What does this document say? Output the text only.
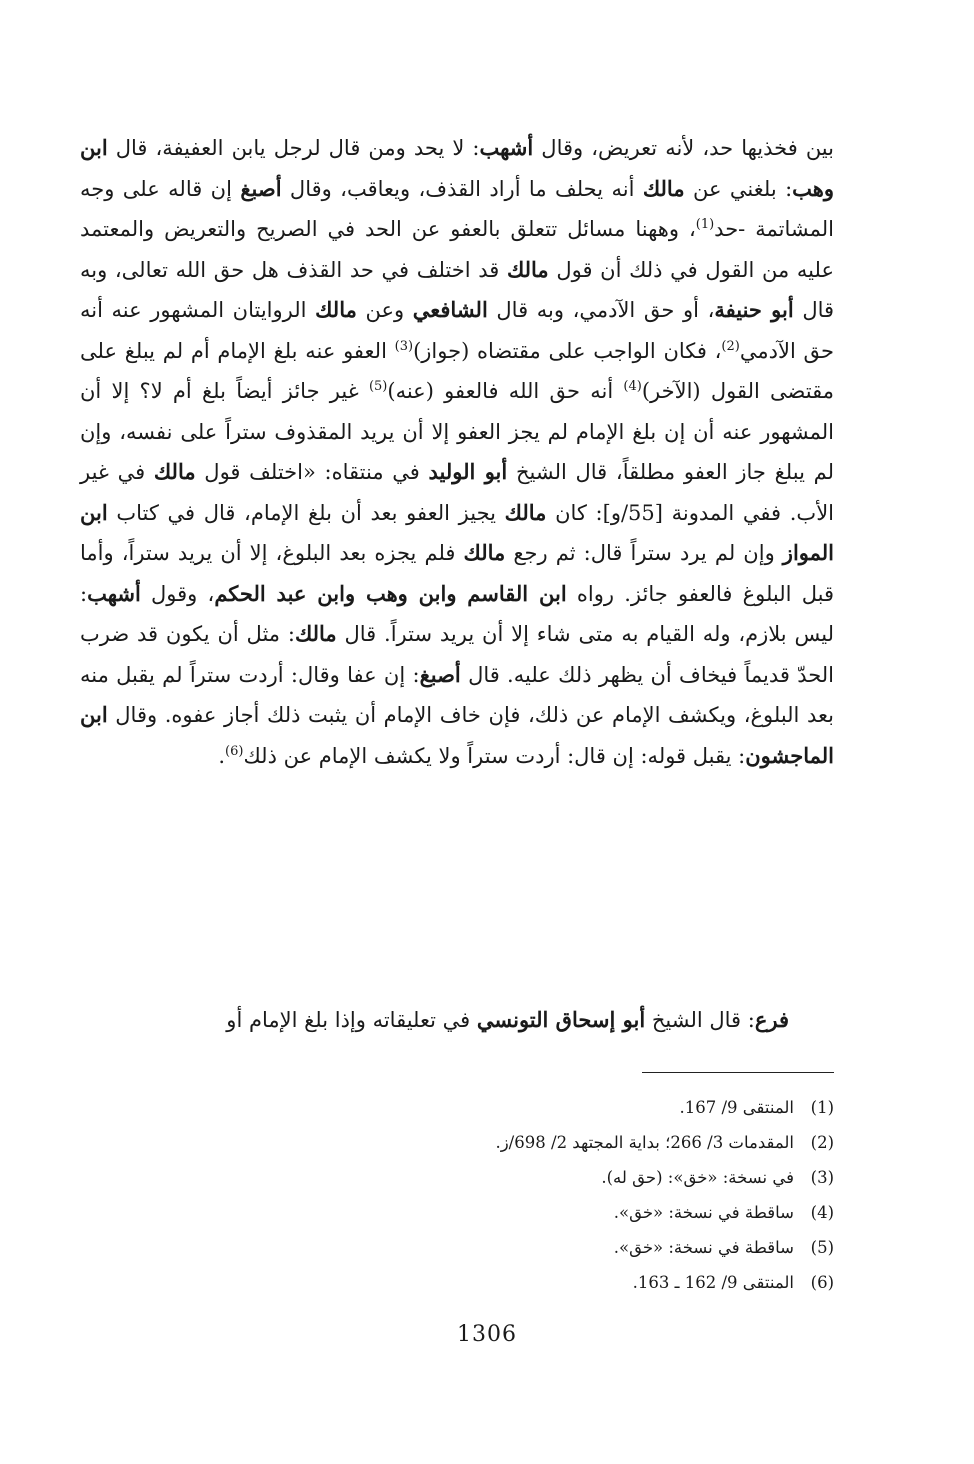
بين فخذيها حد، لأنه تعريض، وقال أشهب: لا يحد ومن قال لرجل يابن العفيفة، قال ابن وهب: بلغني عن مالك أنه يحلف ما أراد القذف، ويعاقب، وقال أصبغ إن قاله على وجه المشاتمة -حد$^{(1)}$، وههنا مسائل تتعلق بالعفو عن الحد في الصريح والتعريض والمعتمد عليه من القول في ذلك أن قول مالك قد اختلف في حد القذف هل حق الله تعالى، وبه قال أبو حنيفة، أو حق الآدمي، وبه قال الشافعي وعن مالك الروايتان المشهور عنه أنه حق الآدمي$^{(2)}$، فكان الواجب على مقتضاه (جواز)$^{(3)}$ العفو عنه بلغ الإمام أم لم يبلغ على مقتضى القول (الآخر)$^{(4)}$ أنه حق الله فالعفو (عنه)$^{(5)}$ غير جائز أيضاً بلغ أم لا؟ إلا أن المشهور عنه أن إن بلغ الإمام لم يجز العفو إلا أن يريد المقذوف ستراً على نفسه، وإن لم يبلغ جاز العفو مطلقاً، قال الشيخ أبو الوليد في منتقاه: «اختلف قول مالك في غير الأب. ففي المدونة [55/و]: كان مالك يجيز العفو بعد أن بلغ الإمام، قال في كتاب ابن المواز وإن لم يرد ستراً قال: ثم رجع مالك فلم يجزه بعد البلوغ، إلا أن يريد ستراً، وأما قبل البلوغ فالعفو جائز. رواه ابن القاسم وابن وهب وابن عبد الحكم، وقول أشهب: ليس بلازم، وله القيام به متى شاء إلا أن يريد ستراً. قال مالك: مثل أن يكون قد ضرب الحدّ قديماً فيخاف أن يظهر ذلك عليه. قال أصبغ: إن عفا وقال: أردت ستراً لم يقبل منه بعد البلوغ، ويكشف الإمام عن ذلك، فإن خاف الإمام أن يثبت ذلك أجاز عفوه. وقال ابن الماجشون: يقبل قوله: إن قال: أردت ستراً ولا يكشف الإمام عن ذلك$^{(6)}$.

فرع: قال الشيخ أبو إسحاق التونسي في تعليقاته وإذا بلغ الإمام أو

(1)
المنتقى 9/ 167.
(2)
المقدمات 3/ 266؛ بداية المجتهد 2/ 698/ز.
(3)
في نسخة: «خق»: (حق له).
(4)
ساقطة في نسخة: «خق».
(5)
ساقطة في نسخة: «خق».
(6)
المنتقى 9/ 162 ـ 163.
1306
